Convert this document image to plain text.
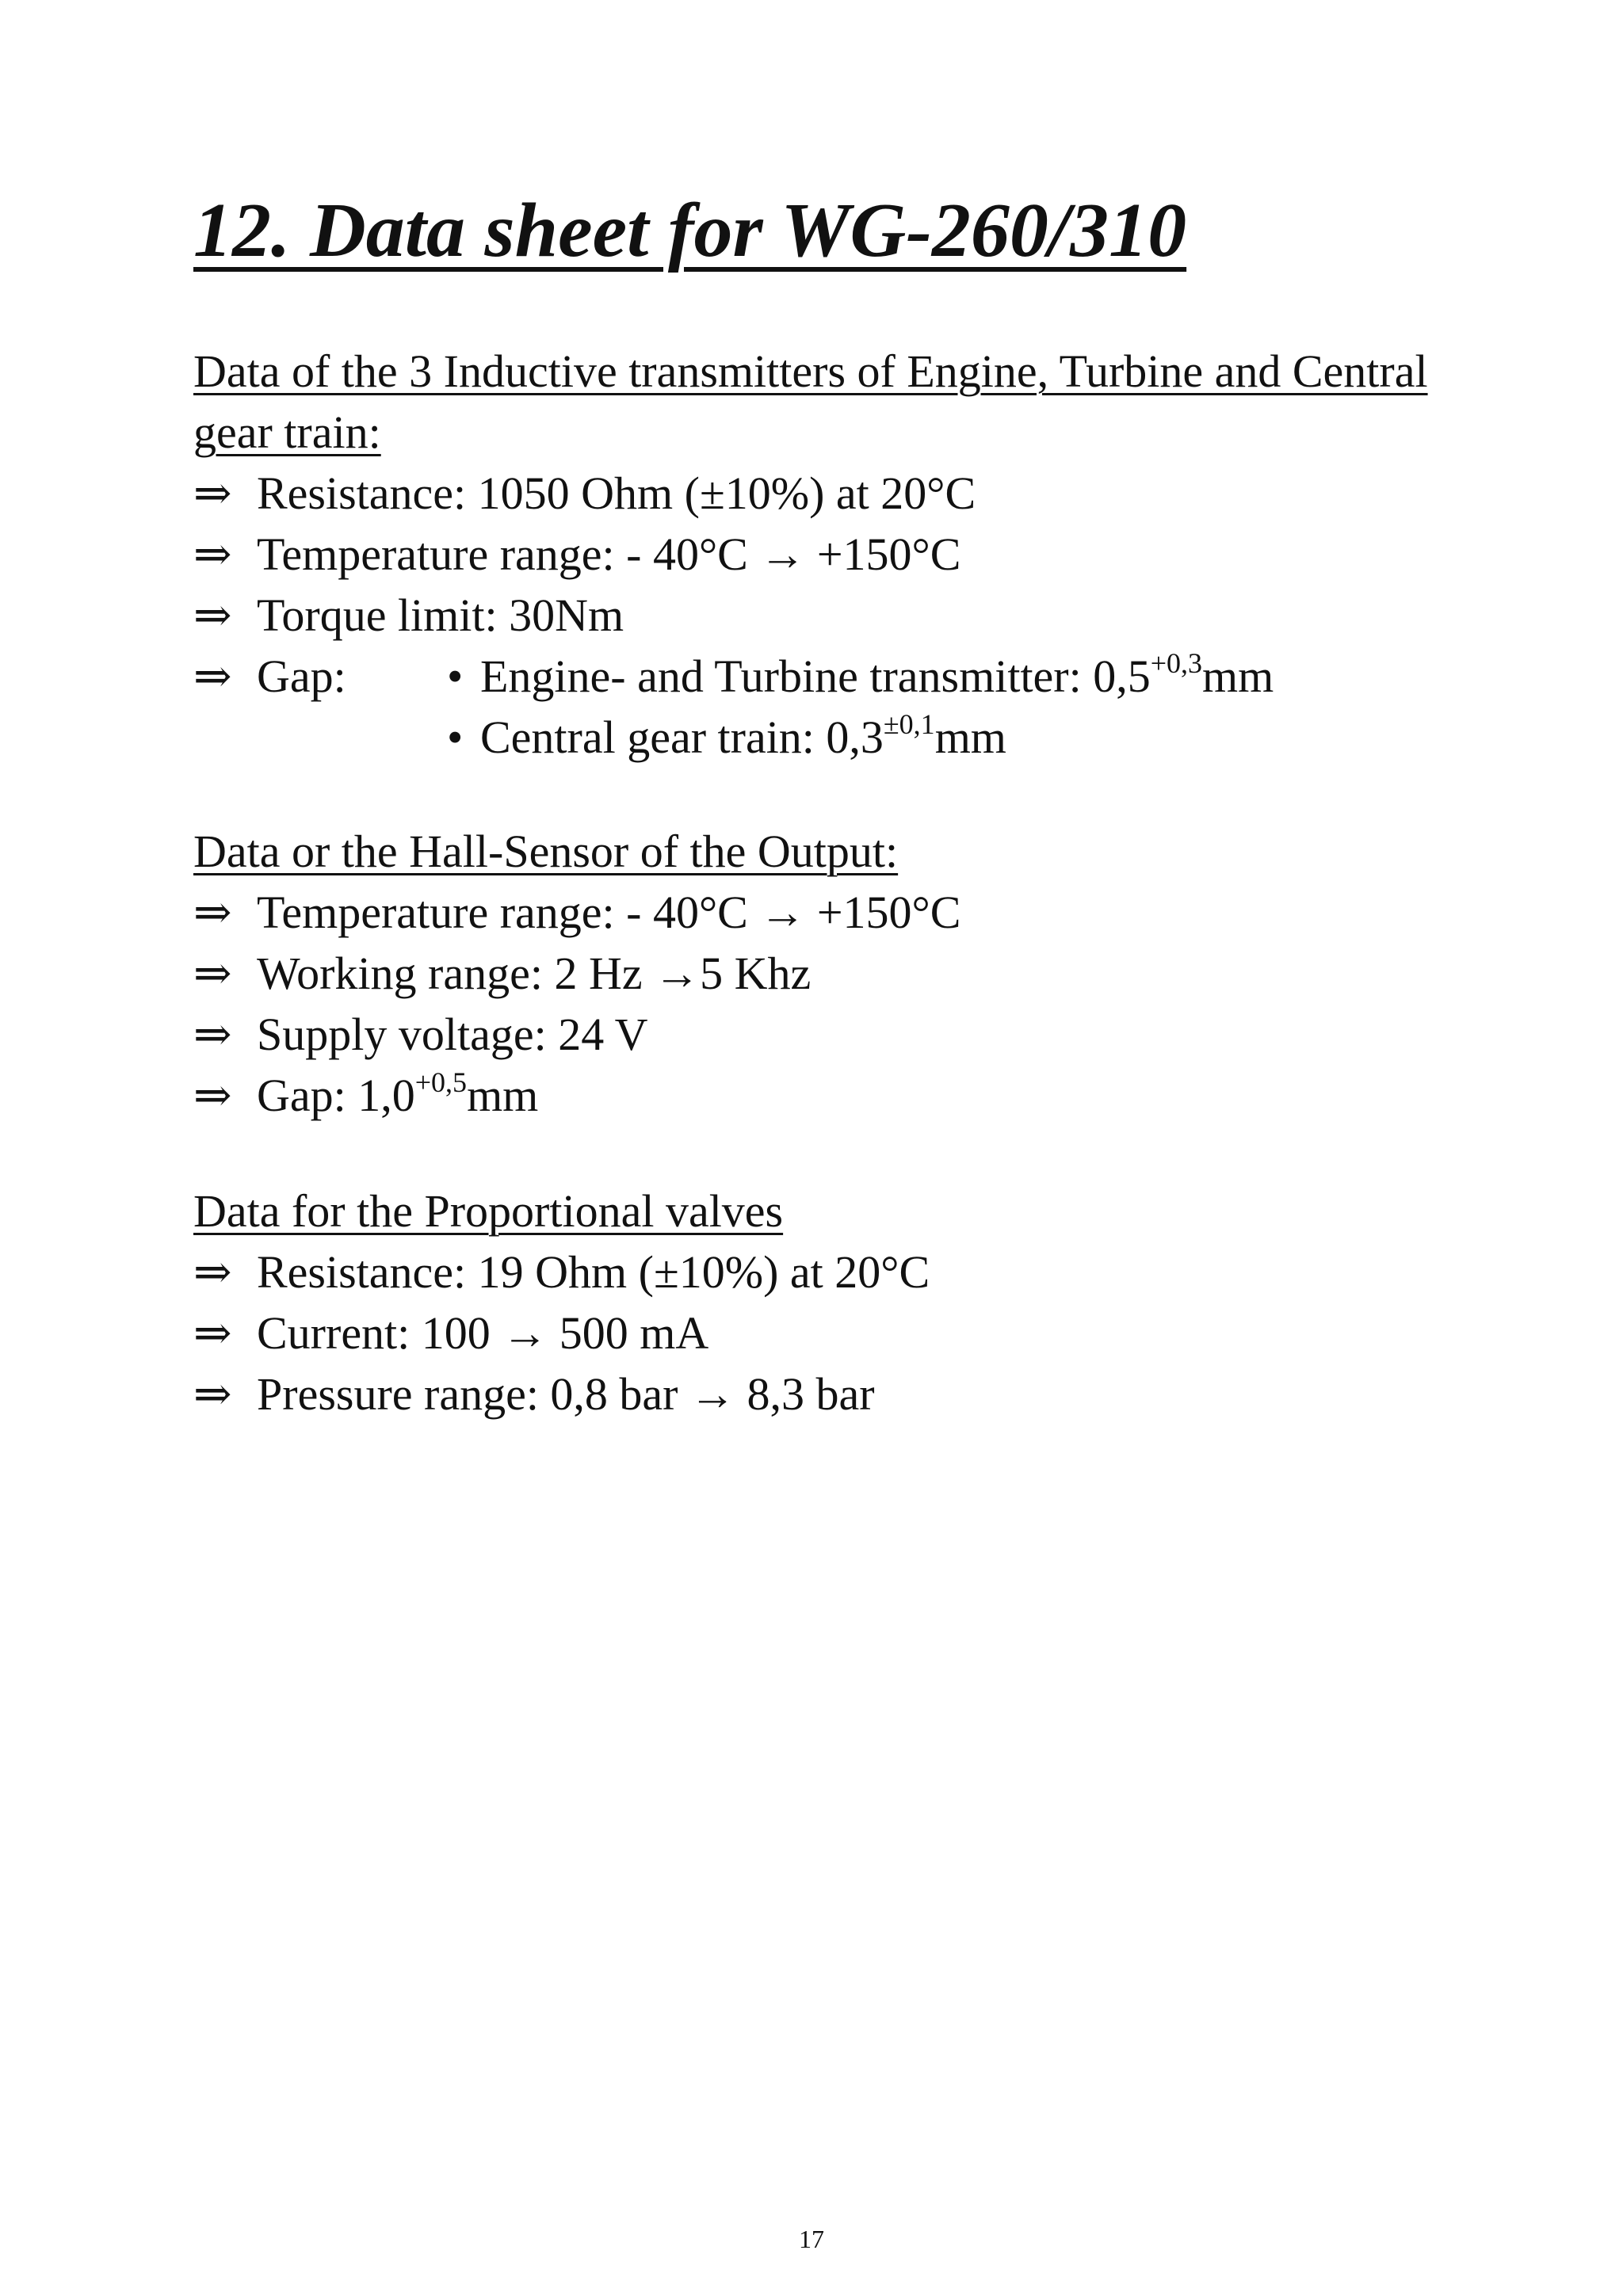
12. Data sheet for WG-260/310

Data of the 3 Inductive transmitters of Engine, Turbine and Central
gear train:

⇒ Resistance: 1050 Ohm (±10%) at 20°C

⇒ Temperature range: - 40°C → +150°C

⇒ Torque limit: 30Nm

⇒ Gap:	• Engine- and Turbine transmitter: $0,5^{+0,3}mm$
• Central gear train: $0,3^{\pm 0,1}mm$

Data or the Hall-Sensor of the Output:

⇒ Temperature range: - 40°C → +150°C

⇒ Working range: 2 Hz →5 Khz

⇒ Supply voltage: 24 V

⇒ Gap: $1,0^{+0,5}mm$

Data for the Proportional valves

⇒ Resistance: 19 Ohm (±10%) at 20°C

⇒ Current: 100 → 500 mA

⇒ Pressure range: 0,8 bar → 8,3 bar

17
